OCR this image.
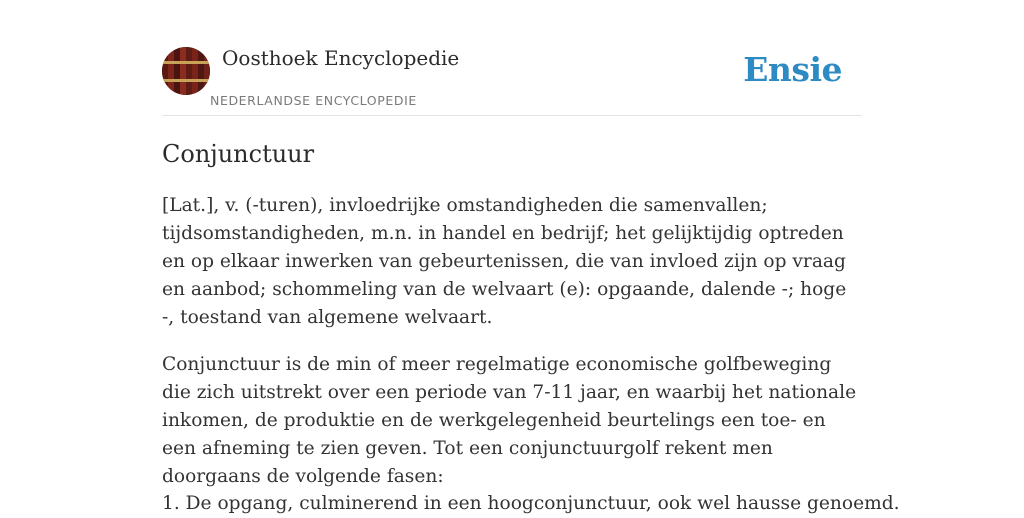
Oosthoek Encyclopedie
NEDERLANDSE ENCYCLOPEDIE
Ensie
Conjunctuur

[Lat.], v. (-turen), invloedrijke omstandigheden die samenvallen; tijdsomstandigheden, m.n. in handel en bedrijf; het gelijktijdig optreden en op elkaar inwerken van gebeurtenissen, die van invloed zijn op vraag en aanbod; schommeling van de welvaart (e): opgaande, dalende -; hoge -, toestand van algemene welvaart.

Conjunctuur is de min of meer regelmatige economische golfbeweging die zich uitstrekt over een periode van 7-11 jaar, en waarbij het nationale inkomen, de produktie en de werkgelegenheid beurtelings een toe- en een afneming te zien geven. Tot een conjunctuurgolf rekent men doorgaans de volgende fasen:

1. De opgang, culminerend in een hoogconjunctuur, ook wel hausse genoemd.
